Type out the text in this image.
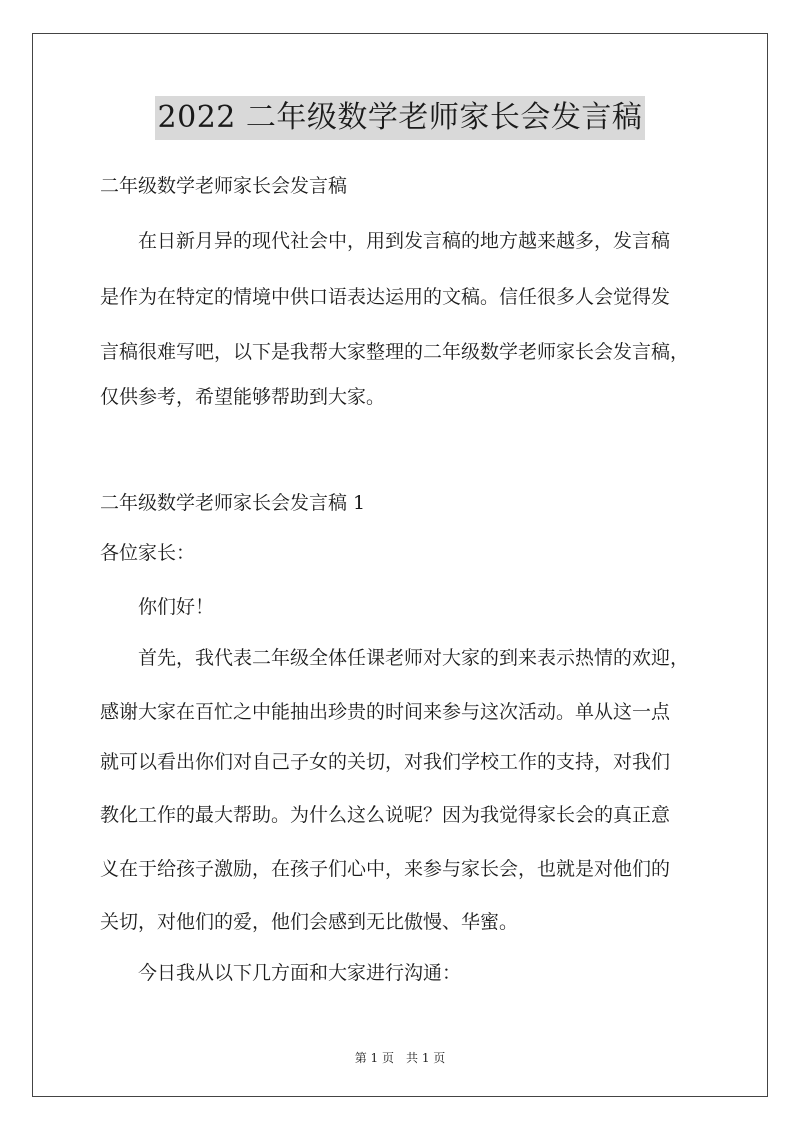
2022 二年级数学老师家长会发言稿

二年级数学老师家长会发言稿

在日新月异的现代社会中，用到发言稿的地方越来越多，发言稿
是作为在特定的情境中供口语表达运用的文稿。信任很多人会觉得发
言稿很难写吧，以下是我帮大家整理的二年级数学老师家长会发言稿，
仅供参考，希望能够帮助到大家。

二年级数学老师家长会发言稿 1

各位家长：

你们好！

首先，我代表二年级全体任课老师对大家的到来表示热情的欢迎，
感谢大家在百忙之中能抽出珍贵的时间来参与这次活动。单从这一点
就可以看出你们对自己子女的关切，对我们学校工作的支持，对我们
教化工作的最大帮助。为什么这么说呢？因为我觉得家长会的真正意
义在于给孩子激励，在孩子们心中，来参与家长会，也就是对他们的
关切，对他们的爱，他们会感到无比傲慢、华蜜。

今日我从以下几方面和大家进行沟通：

第 1 页　共 1 页
